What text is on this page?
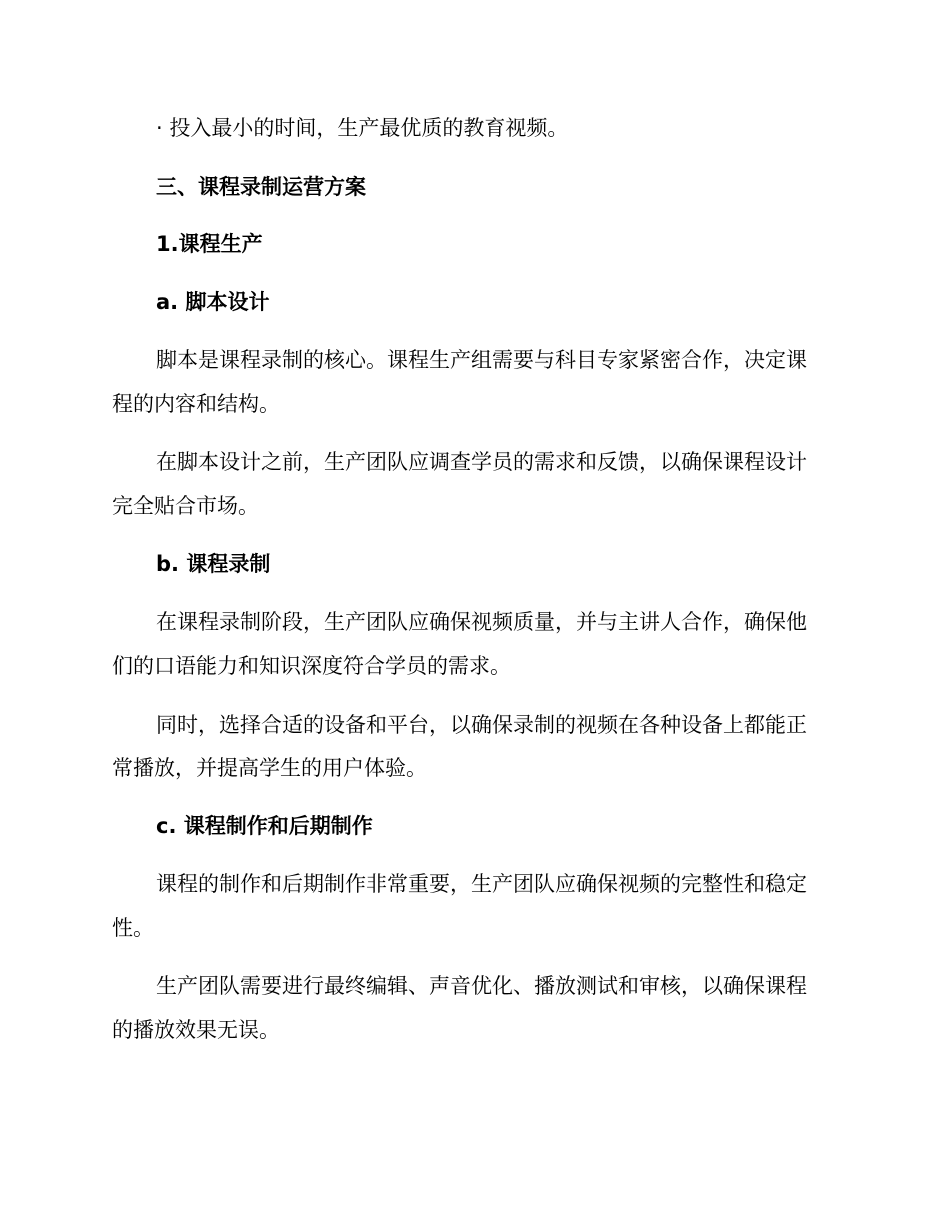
· 投入最小的时间，生产最优质的教育视频。

三、课程录制运营方案

1.课程生产

a. 脚本设计

脚本是课程录制的核心。课程生产组需要与科目专家紧密合作，决定课

程的内容和结构。

在脚本设计之前，生产团队应调查学员的需求和反馈，以确保课程设计

完全贴合市场。

b. 课程录制

在课程录制阶段，生产团队应确保视频质量，并与主讲人合作，确保他

们的口语能力和知识深度符合学员的需求。

同时，选择合适的设备和平台，以确保录制的视频在各种设备上都能正

常播放，并提高学生的用户体验。

c. 课程制作和后期制作

课程的制作和后期制作非常重要，生产团队应确保视频的完整性和稳定

性。

生产团队需要进行最终编辑、声音优化、播放测试和审核，以确保课程

的播放效果无误。
